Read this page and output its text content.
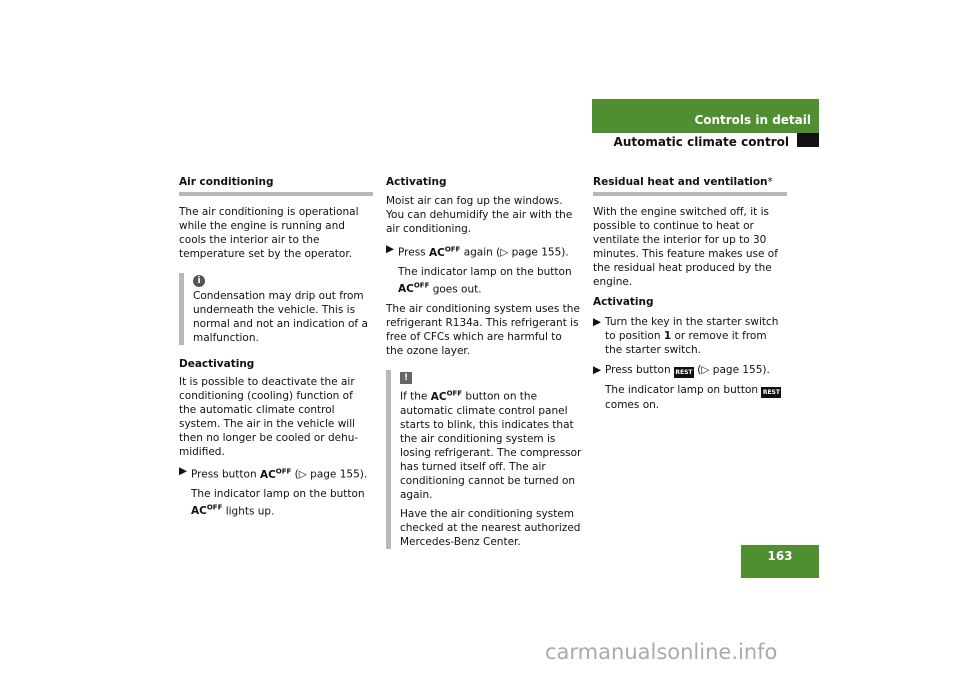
Controls in detail
Automatic climate control

Air conditioning

The air conditioning is operational while the engine is running and cools the interior air to the temperature set by the operator.

i

Condensation may drip out from underneath the vehicle. This is normal and not an indication of a malfunction.

Deactivating

It is possible to deactivate the air conditioning (cooling) function of the automatic climate control system. The air in the vehicle will then no longer be cooled or dehumidified.

▶ Press button $AC^{OFF}$ (▷ page 155).

The indicator lamp on the button $AC^{OFF}$ lights up.

Activating

Moist air can fog up the windows. You can dehumidify the air with the air conditioning.

▶ Press $AC^{OFF}$ again (▷ page 155).

The indicator lamp on the button $AC^{OFF}$ goes out.

The air conditioning system uses the refrigerant R134a. This refrigerant is free of CFCs which are harmful to the ozone layer.

!

If the $AC^{OFF}$ button on the automatic climate control panel starts to blink, this indicates that the air conditioning system is losing refrigerant. The compressor has turned itself off. The air conditioning cannot be turned on again.

Have the air conditioning system checked at the nearest authorized Mercedes-Benz Center.

Residual heat and ventilation*

With the engine switched off, it is possible to continue to heat or ventilate the interior for up to 30 minutes. This feature makes use of the residual heat produced by the engine.

Activating

▶ Turn the key in the starter switch to position 1 or remove it from the starter switch.

▶ Press button REST (▷ page 155).

The indicator lamp on button REST comes on.

163
carmanualsonline.info
